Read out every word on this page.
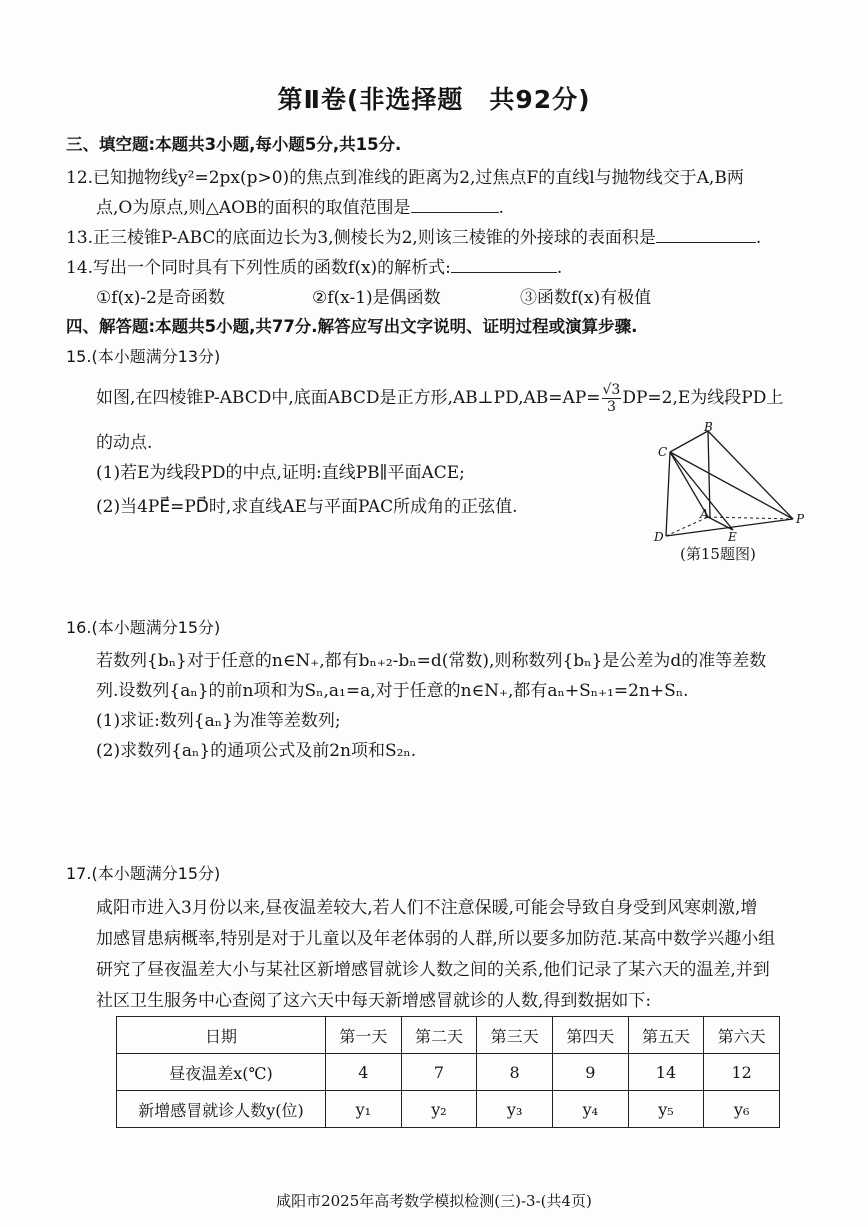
第Ⅱ卷(非选择题　共92分)
三、填空题:本题共3小题,每小题5分,共15分.
12.已知抛物线y²=2px(p>0)的焦点到准线的距离为2,过焦点F的直线l与抛物线交于A,B两
点,O为原点,则△AOB的面积的取值范围是	.
13.正三棱锥P-ABC的底面边长为3,侧棱长为2,则该三棱锥的外接球的表面积是	.
14.写出一个同时具有下列性质的函数f(x)的解析式:	.
①f(x)-2是奇函数	②f(x-1)是偶函数	③函数f(x)有极值
四、解答题:本题共5小题,共77分.解答应写出文字说明、证明过程或演算步骤.
15.(本小题满分13分)
如图,在四棱锥P-ABCD中,底面ABCD是正方形,AB⊥PD,AB=AP= $\frac{√3}{3} DP=2,E$为线段PD上
的动点.
(1)若E为线段PD的中点,证明:直线PB∥平面ACE;
(2)当4PE⃗=PD⃗时,求直线AE与平面PAC所成角的正弦值.
B
C
A	P
D	E
(第15题图)
16.(本小题满分15分)
若数列{bₙ}对于任意的n∈N₊,都有bₙ₊₂-bₙ=d(常数),则称数列{bₙ}是公差为d的准等差数
列.设数列{aₙ}的前n项和为Sₙ,a₁=a,对于任意的n∈N₊,都有aₙ+Sₙ₊₁=2n+Sₙ.
(1)求证:数列{aₙ}为准等差数列;
(2)求数列{aₙ}的通项公式及前2n项和S₂ₙ.
17.(本小题满分15分)
咸阳市进入3月份以来,昼夜温差较大,若人们不注意保暖,可能会导致自身受到风寒刺激,增
加感冒患病概率,特别是对于儿童以及年老体弱的人群,所以要多加防范.某高中数学兴趣小组
研究了昼夜温差大小与某社区新增感冒就诊人数之间的关系,他们记录了某六天的温差,并到
社区卫生服务中心查阅了这六天中每天新增感冒就诊的人数,得到数据如下:
日期	第一天	第二天	第三天	第四天	第五天	第六天
昼夜温差x(℃)	4	7	8	9	14	12
新增感冒就诊人数y(位)	y₁	y₂	y₃	y₄	y₅	y₆
咸阳市2025年高考数学模拟检测(三)-3-(共4页)
